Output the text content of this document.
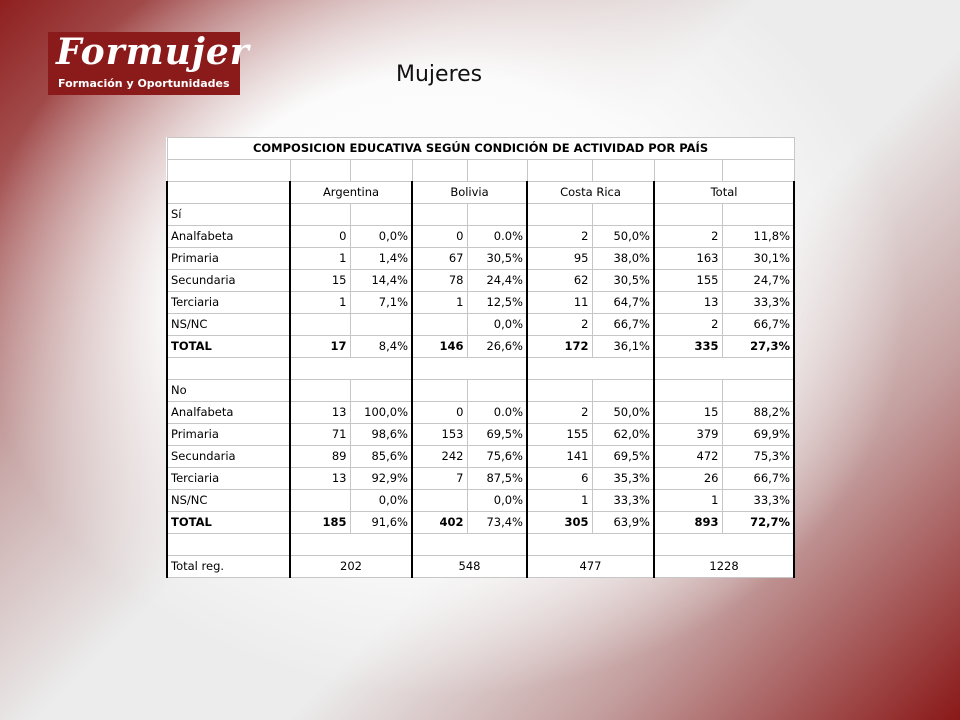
Formujer
Formación y Oportunidades	Mujeres
COMPOSICION EDUCATIVA SEGÚN CONDICIÓN DE ACTIVIDAD POR PAÍS								

	Argentina		Bolivia		Costa Rica		Total	
Sí								
Analfabeta	0	0,0%	0	0.0%	2	50,0%	2	11,8%
Primaria	1	1,4%	67	30,5%	95	38,0%	163	30,1%
Secundaria	15	14,4%	78	24,4%	62	30,5%	155	24,7%
Terciaria	1	7,1%	1	12,5%	11	64,7%	13	33,3%
NS/NC				0,0%	2	66,7%	2	66,7%
TOTAL	17	8,4%	146	26,6%	172	36,1%	335	27,3%

No								
Analfabeta	13	100,0%	0	0.0%	2	50,0%	15	88,2%
Primaria	71	98,6%	153	69,5%	155	62,0%	379	69,9%
Secundaria	89	85,6%	242	75,6%	141	69,5%	472	75,3%
Terciaria	13	92,9%	7	87,5%	6	35,3%	26	66,7%
NS/NC		0,0%		0,0%	1	33,3%	1	33,3%
TOTAL	185	91,6%	402	73,4%	305	63,9%	893	72,7%

Total reg.	202		548		477		1228	
